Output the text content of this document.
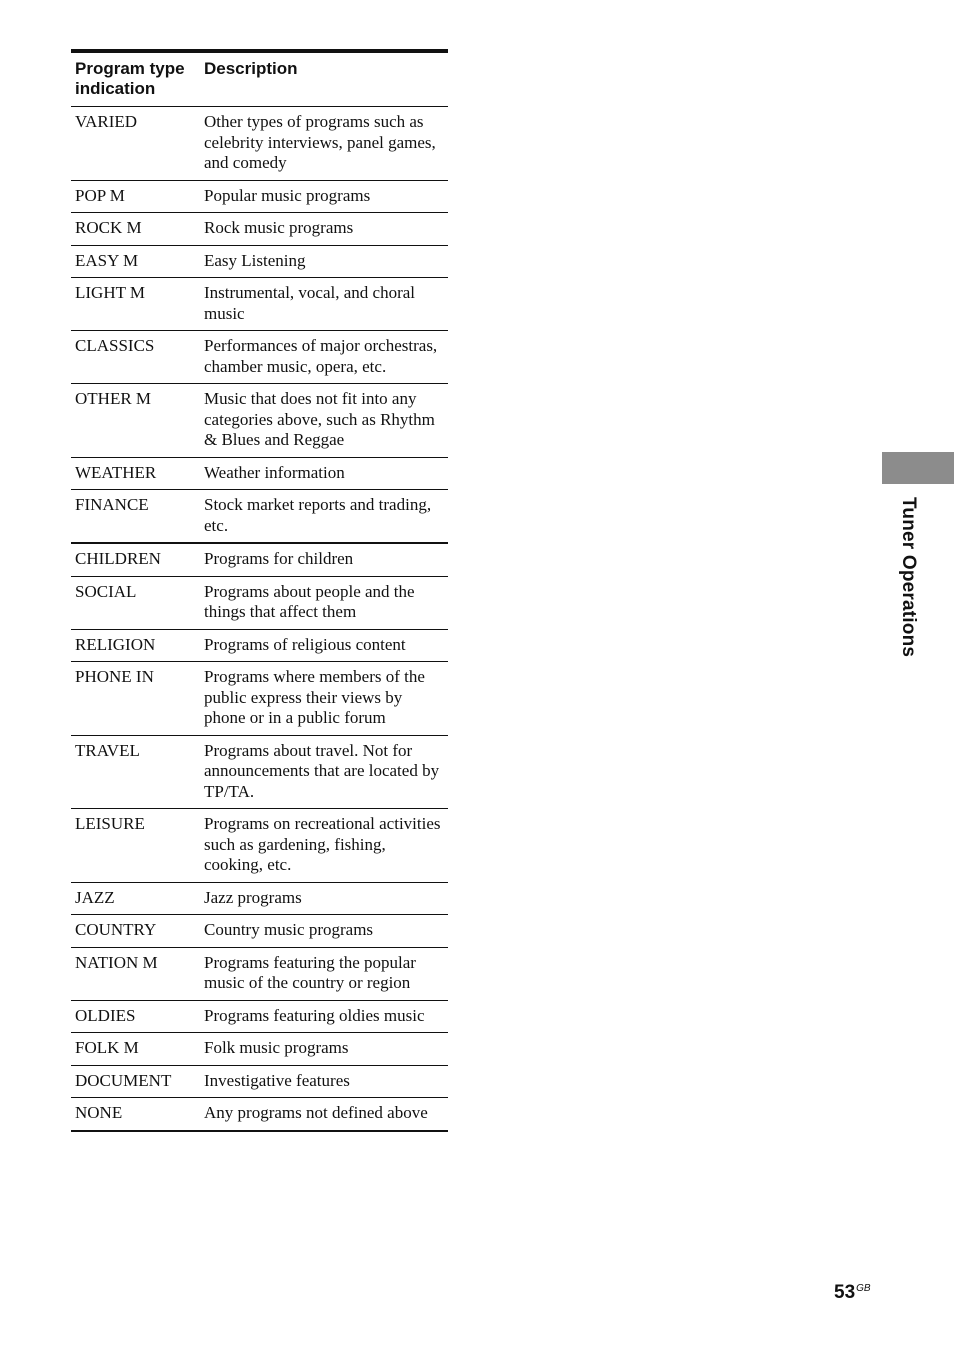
Program type indication	Description
VARIED	Other types of programs such as celebrity interviews, panel games, and comedy
POP M	Popular music programs
ROCK M	Rock music programs
EASY M	Easy Listening
LIGHT M	Instrumental, vocal, and choral music
CLASSICS	Performances of major orchestras, chamber music, opera, etc.
OTHER M	Music that does not fit into any categories above, such as Rhythm & Blues and Reggae
WEATHER	Weather information
FINANCE	Stock market reports and trading, etc.
CHILDREN	Programs for children
SOCIAL	Programs about people and the things that affect them
RELIGION	Programs of religious content
PHONE IN	Programs where members of the public express their views by phone or in a public forum
TRAVEL	Programs about travel. Not for announcements that are located by TP/TA.
LEISURE	Programs on recreational activities such as gardening, fishing, cooking, etc.
JAZZ	Jazz programs
COUNTRY	Country music programs
NATION M	Programs featuring the popular music of the country or region
OLDIES	Programs featuring oldies music
FOLK M	Folk music programs
DOCUMENT	Investigative features
NONE	Any programs not defined above
Tuner Operations
$53^{GB}$
